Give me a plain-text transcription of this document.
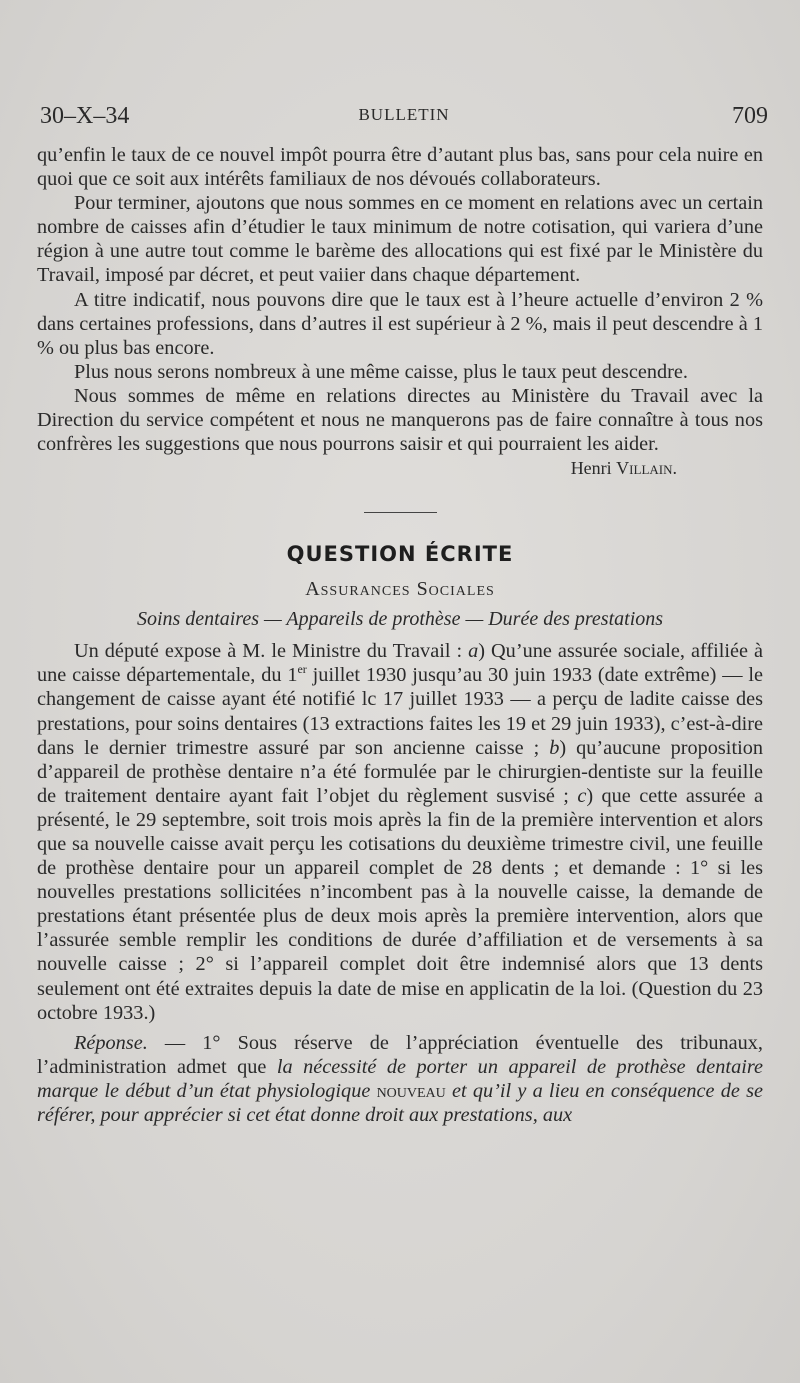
30–X–34	BULLETIN	709

qu’enfin le taux de ce nouvel impôt pourra être d’autant plus bas, sans pour cela nuire en quoi que ce soit aux intérêts familiaux de nos dévoués collaborateurs.

Pour terminer, ajoutons que nous sommes en ce moment en relations avec un certain nombre de caisses afin d’étudier le taux minimum de notre cotisation, qui variera d’une région à une autre tout comme le barème des allocations qui est fixé par le Ministère du Travail, imposé par décret, et peut vaiier dans chaque département.

A titre indicatif, nous pouvons dire que le taux est à l’heure actuelle d’environ 2 % dans certaines professions, dans d’autres il est supérieur à 2 %, mais il peut descendre à 1 % ou plus bas encore.

Plus nous serons nombreux à une même caisse, plus le taux peut descendre.

Nous sommes de même en relations directes au Ministère du Travail avec la Direction du service compétent et nous ne manquerons pas de faire connaître à tous nos confrères les suggestions que nous pourrons saisir et qui pourraient les aider.

Henri Villain.
QUESTION ÉCRITE
Assurances Sociales
Soins dentaires — Appareils de prothèse — Durée des prestations

Un député expose à M. le Ministre du Travail : a) Qu’une assurée sociale, affiliée à une caisse départementale, du 1er juillet 1930 jusqu’au 30 juin 1933 (date extrême) — le changement de caisse ayant été notifié lc 17 juillet 1933 — a perçu de ladite caisse des prestations, pour soins dentaires (13 extractions faites les 19 et 29 juin 1933), c’est-à-dire dans le dernier trimestre assuré par son ancienne caisse ; b) qu’aucune proposition d’appareil de prothèse dentaire n’a été formulée par le chirurgien-dentiste sur la feuille de traitement dentaire ayant fait l’objet du règlement susvisé ; c) que cette assurée a présenté, le 29 septembre, soit trois mois après la fin de la première intervention et alors que sa nouvelle caisse avait perçu les cotisations du deuxième trimestre civil, une feuille de prothèse dentaire pour un appareil complet de 28 dents ; et demande : 1° si les nouvelles prestations sollicitées n’incombent pas à la nouvelle caisse, la demande de prestations étant présentée plus de deux mois après la première intervention, alors que l’assurée semble remplir les conditions de durée d’affiliation et de versements à sa nouvelle caisse ; 2° si l’appareil complet doit être indemnisé alors que 13 dents seulement ont été extraites depuis la date de mise en applicatin de la loi. (Question du 23 octobre 1933.)

Réponse. — 1° Sous réserve de l’appréciation éventuelle des tribunaux, l’administration admet que la nécessité de porter un appareil de prothèse dentaire marque le début d’un état physiologique nouveau et qu’il y a lieu en conséquence de se référer, pour apprécier si cet état donne droit aux prestations, aux
